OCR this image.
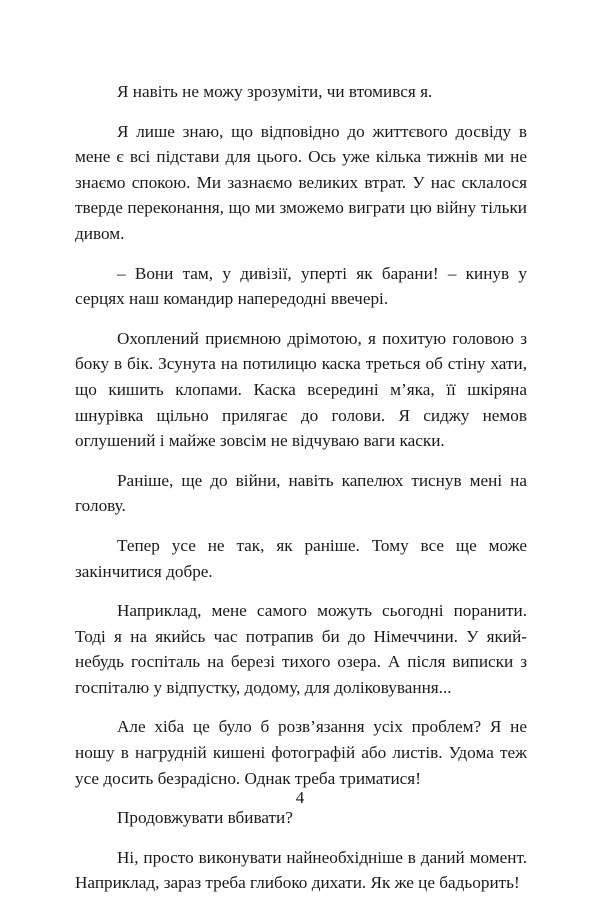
Я навіть не можу зрозуміти, чи втомився я.

Я лише знаю, що відповідно до життєвого досвіду в мене є всі підстави для цього. Ось уже кілька тижнів ми не знаємо спокою. Ми зазнаємо великих втрат. У нас склалося тверде переконання, що ми зможемо виграти цю війну тільки дивом.

– Вони там, у дивізії, уперті як барани! – кинув у серцях наш командир напередодні ввечері.

Охоплений приємною дрімотою, я похитую головою з боку в бік. Зсунута на потилицю каска треться об стіну хати, що кишить клопами. Каска всередині м’яка, її шкіряна шнурівка щільно прилягає до голови. Я сиджу немов оглушений і майже зовсім не відчуваю ваги каски.

Раніше, ще до війни, навіть капелюх тиснув мені на голову.

Тепер усе не так, як раніше. Тому все ще може закінчитися добре.

Наприклад, мене самого можуть сьогодні поранити. Тоді я на якийсь час потрапив би до Німеччини. У який-небудь госпіталь на березі тихого озера. А після виписки з госпіталю у відпустку, додому, для доліковування...

Але хіба це було б розв’язання усіх проблем? Я не ношу в нагрудній кишені фотографій або листів. Удома теж усе досить безрадісно. Однак треба триматися!

Продовжувати вбивати?

Ні, просто виконувати найнеобхідніше в даний момент. Наприклад, зараз треба глибоко дихати. Як же це бадьорить!

4
